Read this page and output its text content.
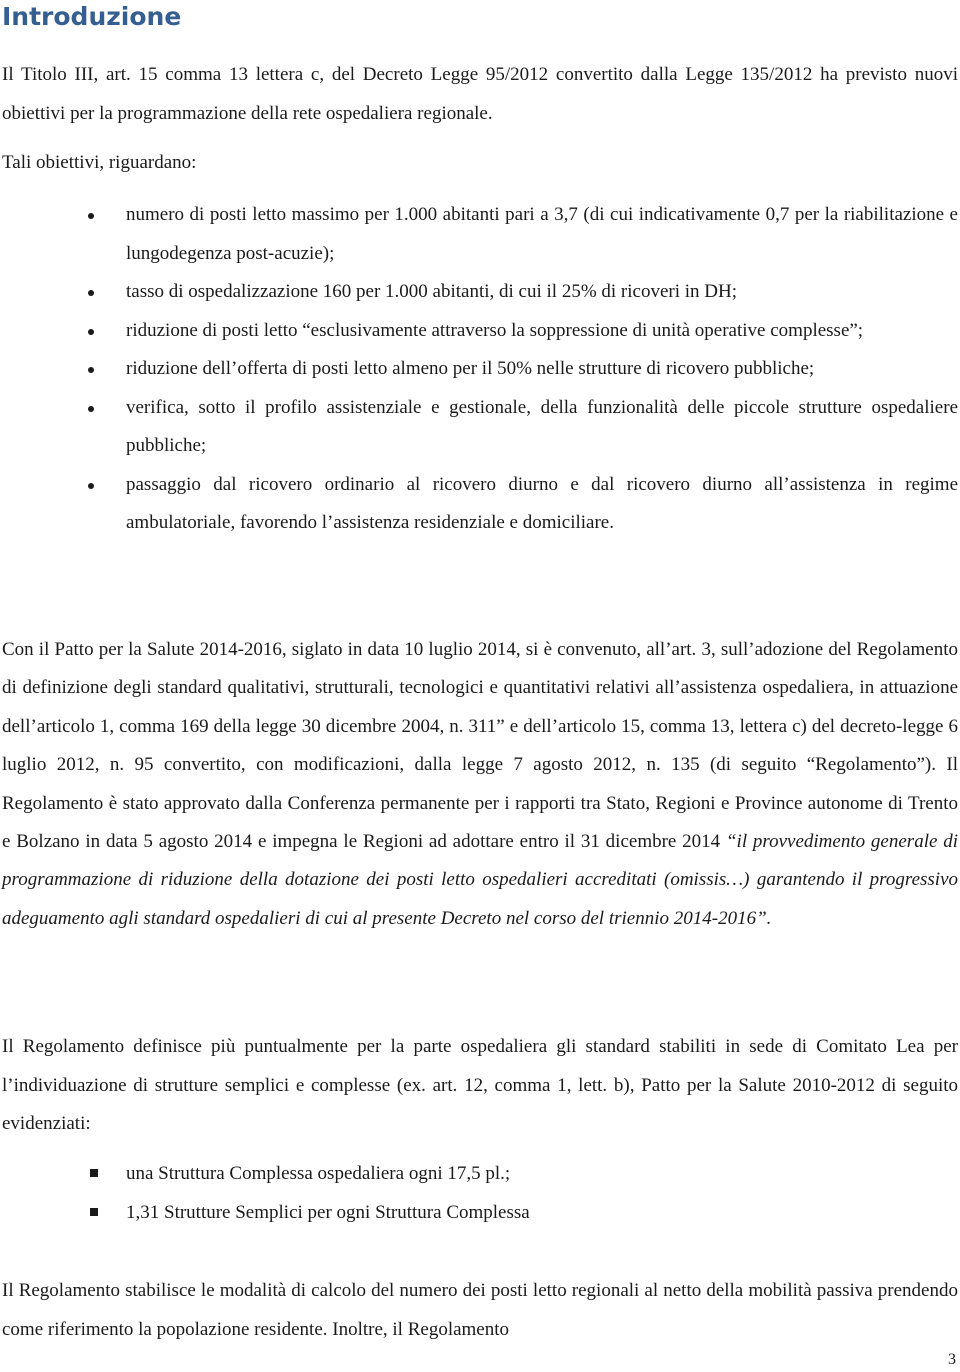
Introduzione

Il Titolo III, art. 15 comma 13 lettera c, del Decreto Legge 95/2012 convertito dalla Legge 135/2012 ha previsto nuovi obiettivi per la programmazione della rete ospedaliera regionale.

Tali obiettivi, riguardano:

numero di posti letto massimo per 1.000 abitanti pari a 3,7 (di cui indicativamente 0,7 per la riabilitazione e lungodegenza post-acuzie);
tasso di ospedalizzazione 160 per 1.000 abitanti, di cui il 25% di ricoveri in DH;
riduzione di posti letto “esclusivamente attraverso la soppressione di unità operative complesse”;
riduzione dell’offerta di posti letto almeno per il 50% nelle strutture di ricovero pubbliche;
verifica, sotto il profilo assistenziale e gestionale, della funzionalità delle piccole strutture ospedaliere pubbliche;
passaggio dal ricovero ordinario al ricovero diurno e dal ricovero diurno all’assistenza in regime ambulatoriale, favorendo l’assistenza residenziale e domiciliare.

Con il Patto per la Salute 2014-2016, siglato in data 10 luglio 2014, si è convenuto, all’art. 3, sull’adozione del Regolamento di definizione degli standard qualitativi, strutturali, tecnologici e quantitativi relativi all’assistenza ospedaliera, in attuazione dell’articolo 1, comma 169 della legge 30 dicembre 2004, n. 311” e dell’articolo 15, comma 13, lettera c) del decreto-legge 6 luglio 2012, n. 95 convertito, con modificazioni, dalla legge 7 agosto 2012, n. 135 (di seguito “Regolamento”). Il Regolamento è stato approvato dalla Conferenza permanente per i rapporti tra Stato, Regioni e Province autonome di Trento e Bolzano in data 5 agosto 2014 e impegna le Regioni ad adottare entro il 31 dicembre 2014 “il provvedimento generale di programmazione di riduzione della dotazione dei posti letto ospedalieri accreditati (omissis…) garantendo il progressivo adeguamento agli standard ospedalieri di cui al presente Decreto nel corso del triennio 2014-2016”.

Il Regolamento definisce più puntualmente per la parte ospedaliera gli standard stabiliti in sede di Comitato Lea per l’individuazione di strutture semplici e complesse (ex. art. 12, comma 1, lett. b), Patto per la Salute 2010-2012 di seguito evidenziati:

una Struttura Complessa ospedaliera ogni 17,5 pl.;
1,31 Strutture Semplici per ogni Struttura Complessa

Il Regolamento stabilisce le modalità di calcolo del numero dei posti letto regionali al netto della mobilità passiva prendendo come riferimento la popolazione residente. Inoltre, il Regolamento

3
